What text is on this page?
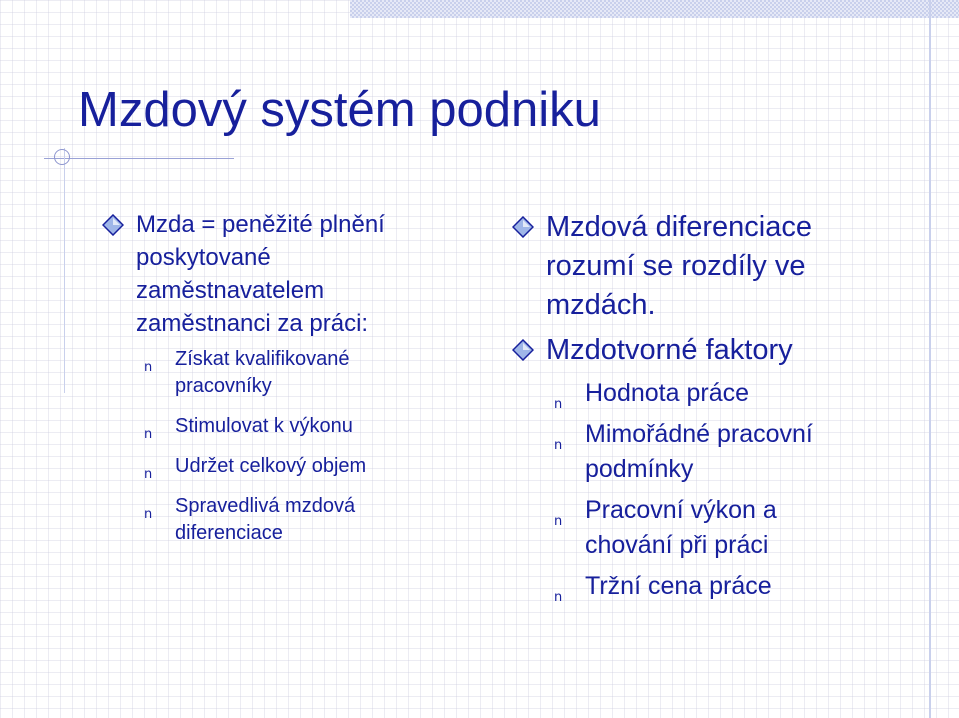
Mzdový systém podniku
Mzda = peněžité plnění
poskytované
zaměstnavatelem
zaměstnanci za práci:
n Získat kvalifikované
pracovníky
n Stimulovat k výkonu
n Udržet celkový objem
n Spravedlivá mzdová
diferenciace
Mzdová diferenciace
rozumí se rozdíly ve
mzdách.
Mzdotvorné faktory
n Hodnota práce
n Mimořádné pracovní
podmínky
n Pracovní výkon a
chování při práci
n Tržní cena práce
